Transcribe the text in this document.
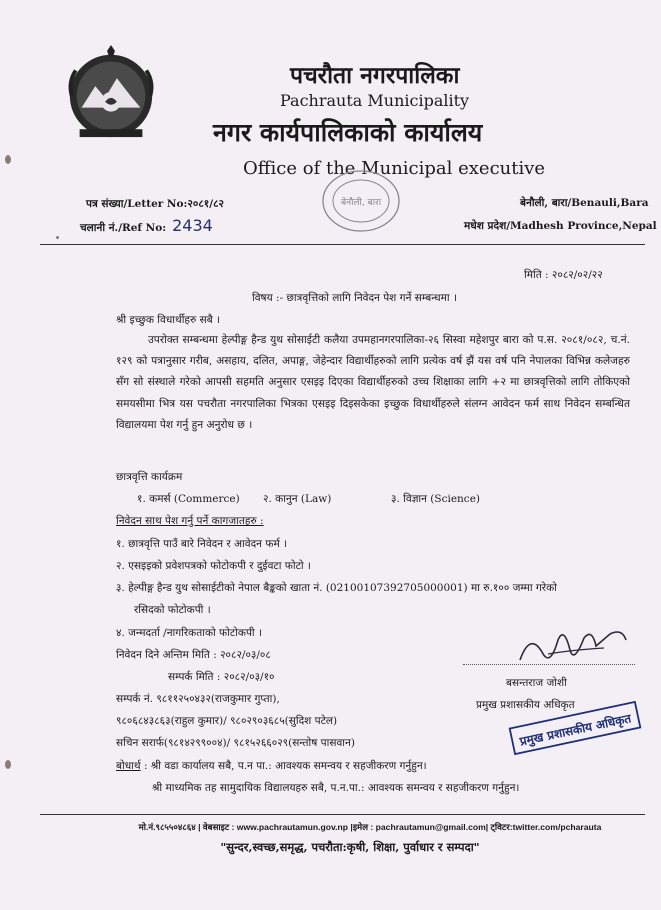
पचरौता नगरपालिका
Pachrauta Municipality
नगर कार्यपालिकाको कार्यालय
Office of the Municipal executive
बेनौली, बारा
पत्र संख्या/Letter No:२०८१/८२
चलानी नं./Ref No: 2434
बेनौली, बारा/Benauli,Bara
मधेश प्रदेश/Madhesh Province,Nepal
मिति : २०८२/०२/२२
विषय :- छात्रवृत्तिको लागि निवेदन पेश गर्ने सम्बन्धमा ।
श्री इच्छुक विधार्थीहरु सबै ।
उपरोक्त सम्बन्धमा हेल्पीङ्ग हैन्ड युथ सोसाईटी कलैया उपमहानगरपालिका-२६ सिस्वा महेशपुर बारा को प.स. २०८१/०८२, च.नं. १२९ को पत्रानुसार गरीब, असहाय, दलित, अपाङ्ग, जेहेन्दार विद्यार्थीहरुको लागि प्रत्येक वर्ष झैं यस वर्ष पनि नेपालका विभिन्न कलेजहरु सँग सो संस्थाले गरेको आपसी सहमति अनुसार एसइइ दिएका विद्यार्थीहरुको उच्च शिक्षाका लागि +२ मा छात्रवृत्तिको लागि तोकिएको समयसीमा भित्र यस पचरौता नगरपालिका भित्रका एसइइ दिइसकेका इच्छुक विधार्थीहरुले संलग्न आवेदन फर्म साथ निवेदन सम्बन्धित विद्यालयमा पेश गर्नु हुन अनुरोध छ ।
छात्रवृत्ति कार्यक्रम
१. कमर्स (Commerce) २. कानुन (Law)	३. विज्ञान (Science)
निवेदन साथ पेश गर्नु पर्ने कागजातहरु :
१. छात्रवृत्ति पाउँ बारे निवेदन र आवेदन फर्म ।
२. एसइइको प्रवेशपत्रको फोटोकपी र दुईवटा फोटो ।
३. हेल्पीङ्ग हैन्ड युथ सोसाईटीको नेपाल बैङ्कको खाता नं. (02100107392705000001) मा रु.१०० जम्मा गरेको
रसिदको फोटोकपी ।
४. जन्मदर्ता /नागरिकताको फोटोकपी ।
निवेदन दिने अन्तिम मिति : २०८२/०३/०८
सम्पर्क मिति : २०८२/०३/१०
सम्पर्क नं. ९८११२५०४३२(राजकुमार गुप्ता),
९८०६८४३८६३(राहुल कुमार)/ ९८०२९०३६८५(सुदिश पटेल)
सचिन सरार्फ(९८१४२९९००४)/ ९८१५२६६०२९(सन्तोष पासवान)
बोधार्थ : श्री वडा कार्यालय सबै, प.न पा.: आवश्यक समन्वय र सहजीकरण गर्नुहुन।
श्री माध्यमिक तह सामुदायिक विद्यालयहरु सबै, प.न.पा.: आवश्यक समन्वय र सहजीकरण गर्नुहुन।
बसन्तराज जोशी
प्रमुख प्रशासकीय अधिकृत
प्रमुख प्रशासकीय अधिकृत
मो.नं.९८५५०४८६४ | वेबसाइट : www.pachrautamun.gov.np |इमेल : pachrautamun@gmail.com| ट्विटर:twitter.com/pcharauta
"सुन्दर,स्वच्छ,समृद्ध, पचरौता:कृषी, शिक्षा, पुर्वाधार र सम्पदा"
